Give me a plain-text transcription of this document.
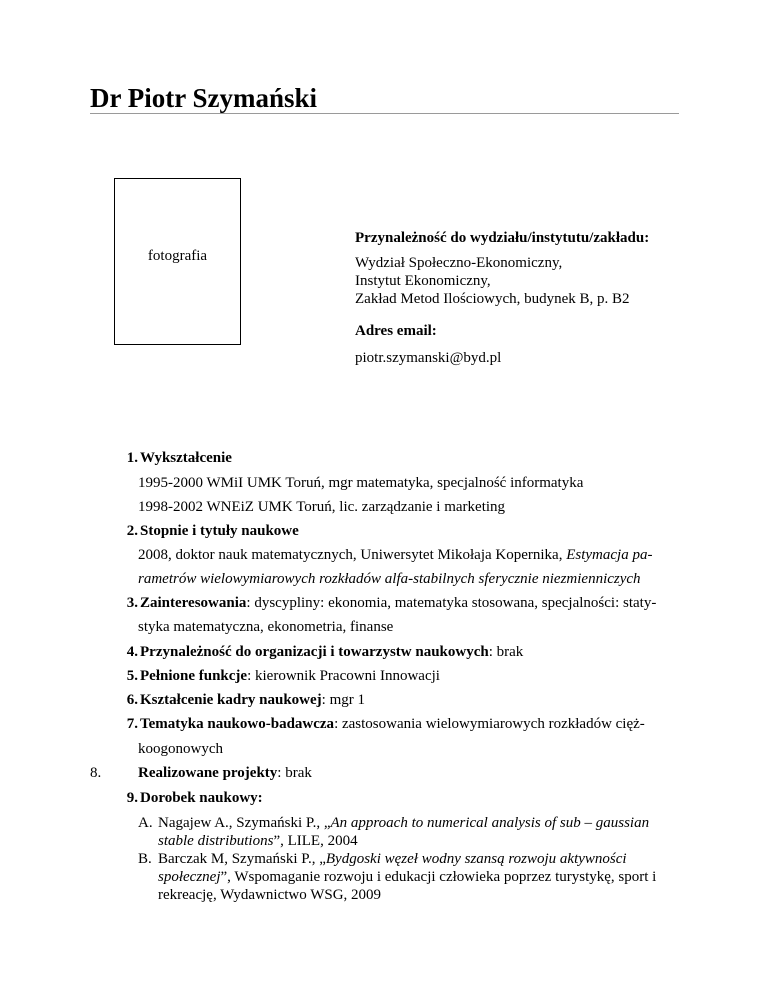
Dr Piotr Szymański
fotografia
Przynależność do wydziału/instytutu/zakładu:
Wydział Społeczno-Ekonomiczny,
Instytut Ekonomiczny,
Zakład Metod Ilościowych, budynek B, p. B2
Adres email:
piotr.szymanski@byd.pl
1. Wykształcenie
1995-2000 WMiI UMK Toruń, mgr matematyka, specjalność informatyka
1998-2002 WNEiZ UMK Toruń, lic. zarządzanie i marketing
2. Stopnie i tytuły naukowe
2008, doktor nauk matematycznych, Uniwersytet Mikołaja Kopernika, Estymacja pa-
rametrów wielowymiarowych rozkładów alfa-stabilnych sferycznie niezmienniczych
3. Zainteresowania: dyscypliny: ekonomia, matematyka stosowana, specjalności: staty-
styka matematyczna, ekonometria, finanse
4. Przynależność do organizacji i towarzystw naukowych: brak
5. Pełnione funkcje: kierownik Pracowni Innowacji
6. Kształcenie kadry naukowej: mgr 1
7. Tematyka naukowo-badawcza: zastosowania wielowymiarowych rozkładów cięż-
koogonowych
8. Realizowane projekty: brak
9. Dorobek naukowy:
A. Nagajew A., Szymański P., „An approach to numerical analysis of sub – gaussian stable distributions”, LILE, 2004
B. Barczak M, Szymański P., „Bydgoski węzeł wodny szansą rozwoju aktywności społecznej”, Wspomaganie rozwoju i edukacji człowieka poprzez turystykę, sport i rekreację, Wydawnictwo WSG, 2009
